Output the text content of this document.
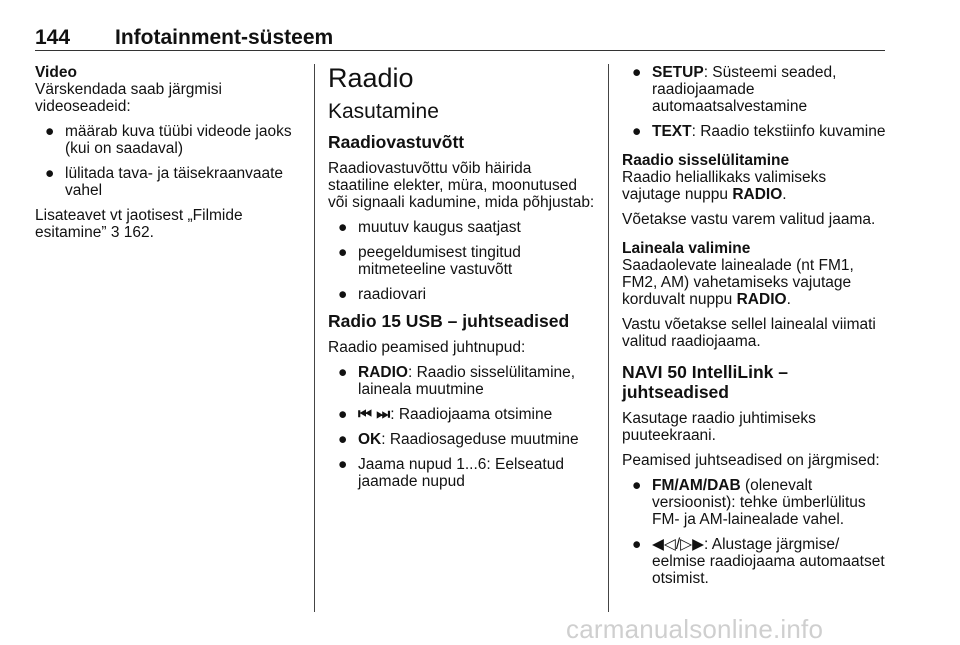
144 Infotainment-süsteem

Video

Värskendada saab järgmisi videoseadeid:

● määrab kuva tüübi videode jaoks (kui on saadaval)
● lülitada tava- ja täisekraanvaate vahel

Lisateavet vt jaotisest „Filmide esitamine” 3 162.

Raadio
Kasutamine
Raadiovastuvõtt

Raadiovastuvõttu võib häirida staatiline elekter, müra, moonutused või signaali kadumine, mida põhjustab:

● muutuv kaugus saatjast
● peegeldumisest tingitud mitmeteeline vastuvõtt
● raadiovari
Radio 15 USB – juhtseadised

Raadio peamised juhtnupud:

● RADIO: Raadio sisselülitamine, laineala muutmine
● ⏮ ⏭: Raadiojaama otsimine
● OK: Raadiosageduse muutmine
● Jaama nupud 1...6: Eelseatud jaamade nupud
● SETUP: Süsteemi seaded, raadiojaamade automaatsalvestamine
● TEXT: Raadio tekstiinfo kuvamine

Raadio sisselülitamine

Raadio heliallikaks valimiseks vajutage nuppu RADIO.

Võetakse vastu varem valitud jaama.

Laineala valimine

Saadaolevate lainealade (nt FM1, FM2, AM) vahetamiseks vajutage korduvalt nuppu RADIO.

Vastu võetakse sellel lainealal viimati valitud raadiojaama.

NAVI 50 IntelliLink – juhtseadised

Kasutage raadio juhtimiseks puuteekraani.

Peamised juhtseadised on järgmised:

● FM/AM/DAB (olenevalt versioonist): tehke ümberlülitus FM- ja AM-lainealade vahel.
● ◀◁/▷▶: Alustage järgmise/ eelmise raadiojaama automaatset otsimist.
carmanualsonline.info
